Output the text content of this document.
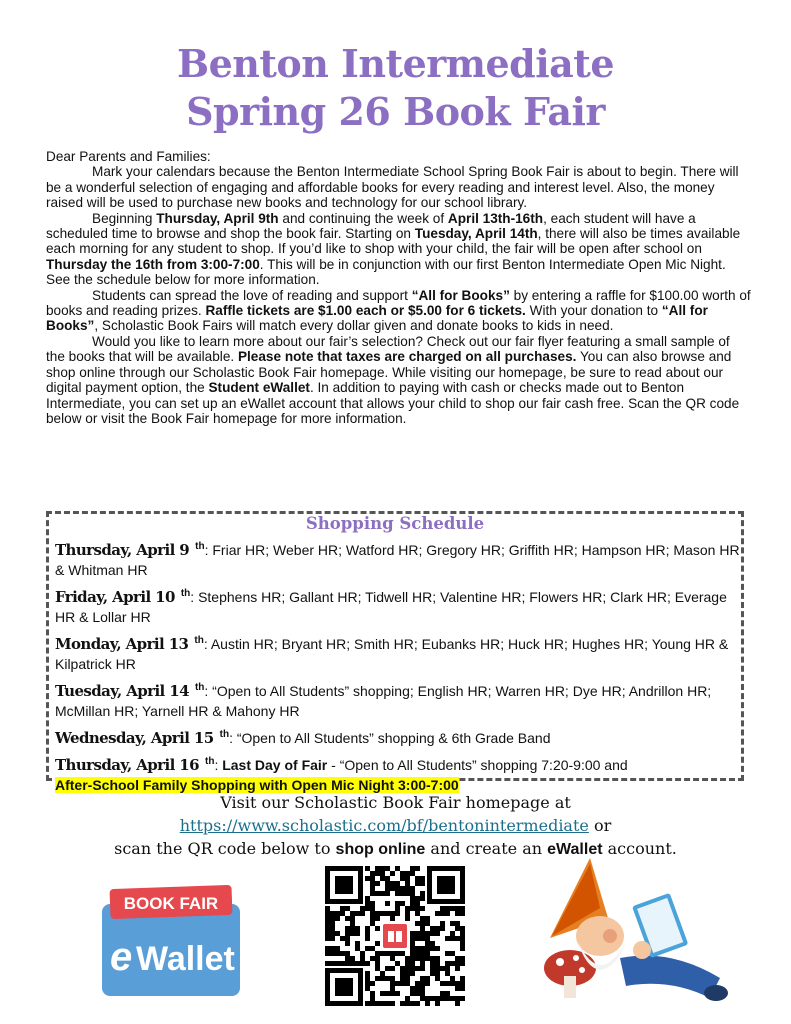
Benton Intermediate
Spring 26 Book Fair

Dear Parents and Families:

Mark your calendars because the Benton Intermediate School Spring Book Fair is about to begin. There will be a wonderful selection of engaging and affordable books for every reading and interest level. Also, the money raised will be used to purchase new books and technology for our school library.

Beginning Thursday, April 9th and continuing the week of April 13th-16th, each student will have a scheduled time to browse and shop the book fair. Starting on Tuesday, April 14th, there will also be times available each morning for any student to shop. If you’d like to shop with your child, the fair will be open after school on Thursday the 16th from 3:00-7:00. This will be in conjunction with our first Benton Intermediate Open Mic Night. See the schedule below for more information.

Students can spread the love of reading and support “All for Books” by entering a raffle for $100.00 worth of books and reading prizes. Raffle tickets are $1.00 each or $5.00 for 6 tickets. With your donation to “All for Books”, Scholastic Book Fairs will match every dollar given and donate books to kids in need.

Would you like to learn more about our fair’s selection? Check out our fair flyer featuring a small sample of the books that will be available. Please note that taxes are charged on all purchases. You can also browse and shop online through our Scholastic Book Fair homepage. While visiting our homepage, be sure to read about our digital payment option, the Student eWallet. In addition to paying with cash or checks made out to Benton Intermediate, you can set up an eWallet account that allows your child to shop our fair cash free. Scan the QR code below or visit the Book Fair homepage for more information.

Shopping Schedule
Thursday, April 9 $^{th}$: Friar HR; Weber HR; Watford HR; Gregory HR; Griffith HR; Hampson HR; Mason HR & Whitman HR
Friday, April 10 $^{th}$: Stephens HR; Gallant HR; Tidwell HR; Valentine HR; Flowers HR; Clark HR; Everage HR & Lollar HR
Monday, April 13 $^{th}$: Austin HR; Bryant HR; Smith HR; Eubanks HR; Huck HR; Hughes HR; Young HR & Kilpatrick HR
Tuesday, April 14 $^{th}$: “Open to All Students” shopping; English HR; Warren HR; Dye HR; Andrillon HR; McMillan HR; Yarnell HR & Mahony HR
Wednesday, April 15 $^{th}$: “Open to All Students” shopping & 6th Grade Band
Thursday, April 16 $^{th}$: Last Day of Fair - “Open to All Students” shopping 7:20-9:00 and
After-School Family Shopping with Open Mic Night 3:00-7:00
Visit our Scholastic Book Fair homepage at
https://www.scholastic.com/bf/bentonintermediate or
scan the QR code below to shop online and create an eWallet account.
BOOK FAIR
e Wallet
